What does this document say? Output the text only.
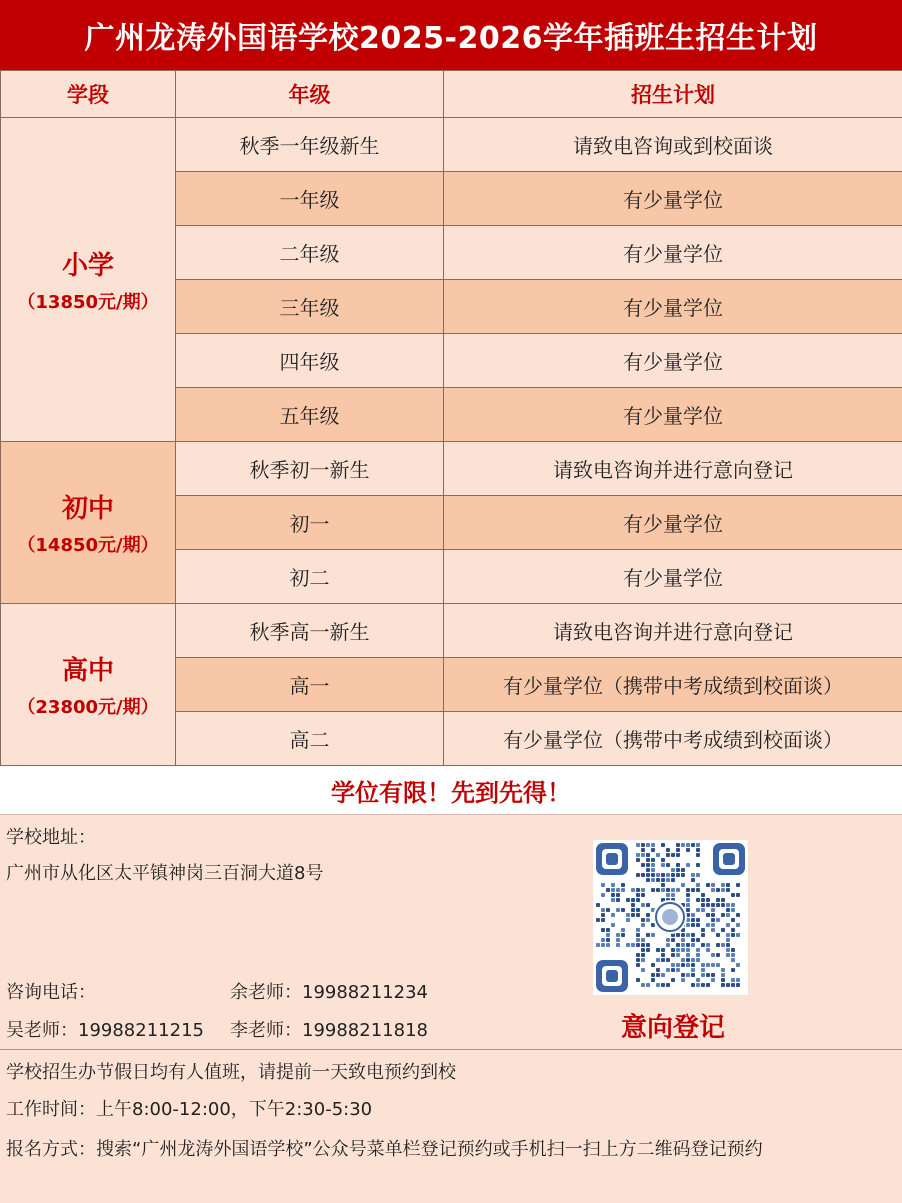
广州龙涛外国语学校2025-2026学年插班生招生计划
学段	年级	招生计划

小学
（13850元/期）	秋季一年级新生	请致电咨询或到校面谈
	一年级	有少量学位
	二年级	有少量学位
	三年级	有少量学位
	四年级	有少量学位
	五年级	有少量学位

初中
（14850元/期）	秋季初一新生	请致电咨询并进行意向登记
	初一	有少量学位
	初二	有少量学位

高中
（23800元/期）	秋季高一新生	请致电咨询并进行意向登记
	高一	有少量学位（携带中考成绩到校面谈）
	高二	有少量学位（携带中考成绩到校面谈）
学位有限！先到先得！
学校地址：
广州市从化区太平镇神岗三百洞大道8号
咨询电话：	余老师：19988211234
吴老师：19988211215 李老师：19988211818	意向登记
学校招生办节假日均有人值班，请提前一天致电预约到校
工作时间：上午8:00-12:00，下午2:30-5:30
报名方式：搜索“广州龙涛外国语学校”公众号菜单栏登记预约或手机扫一扫上方二维码登记预约
